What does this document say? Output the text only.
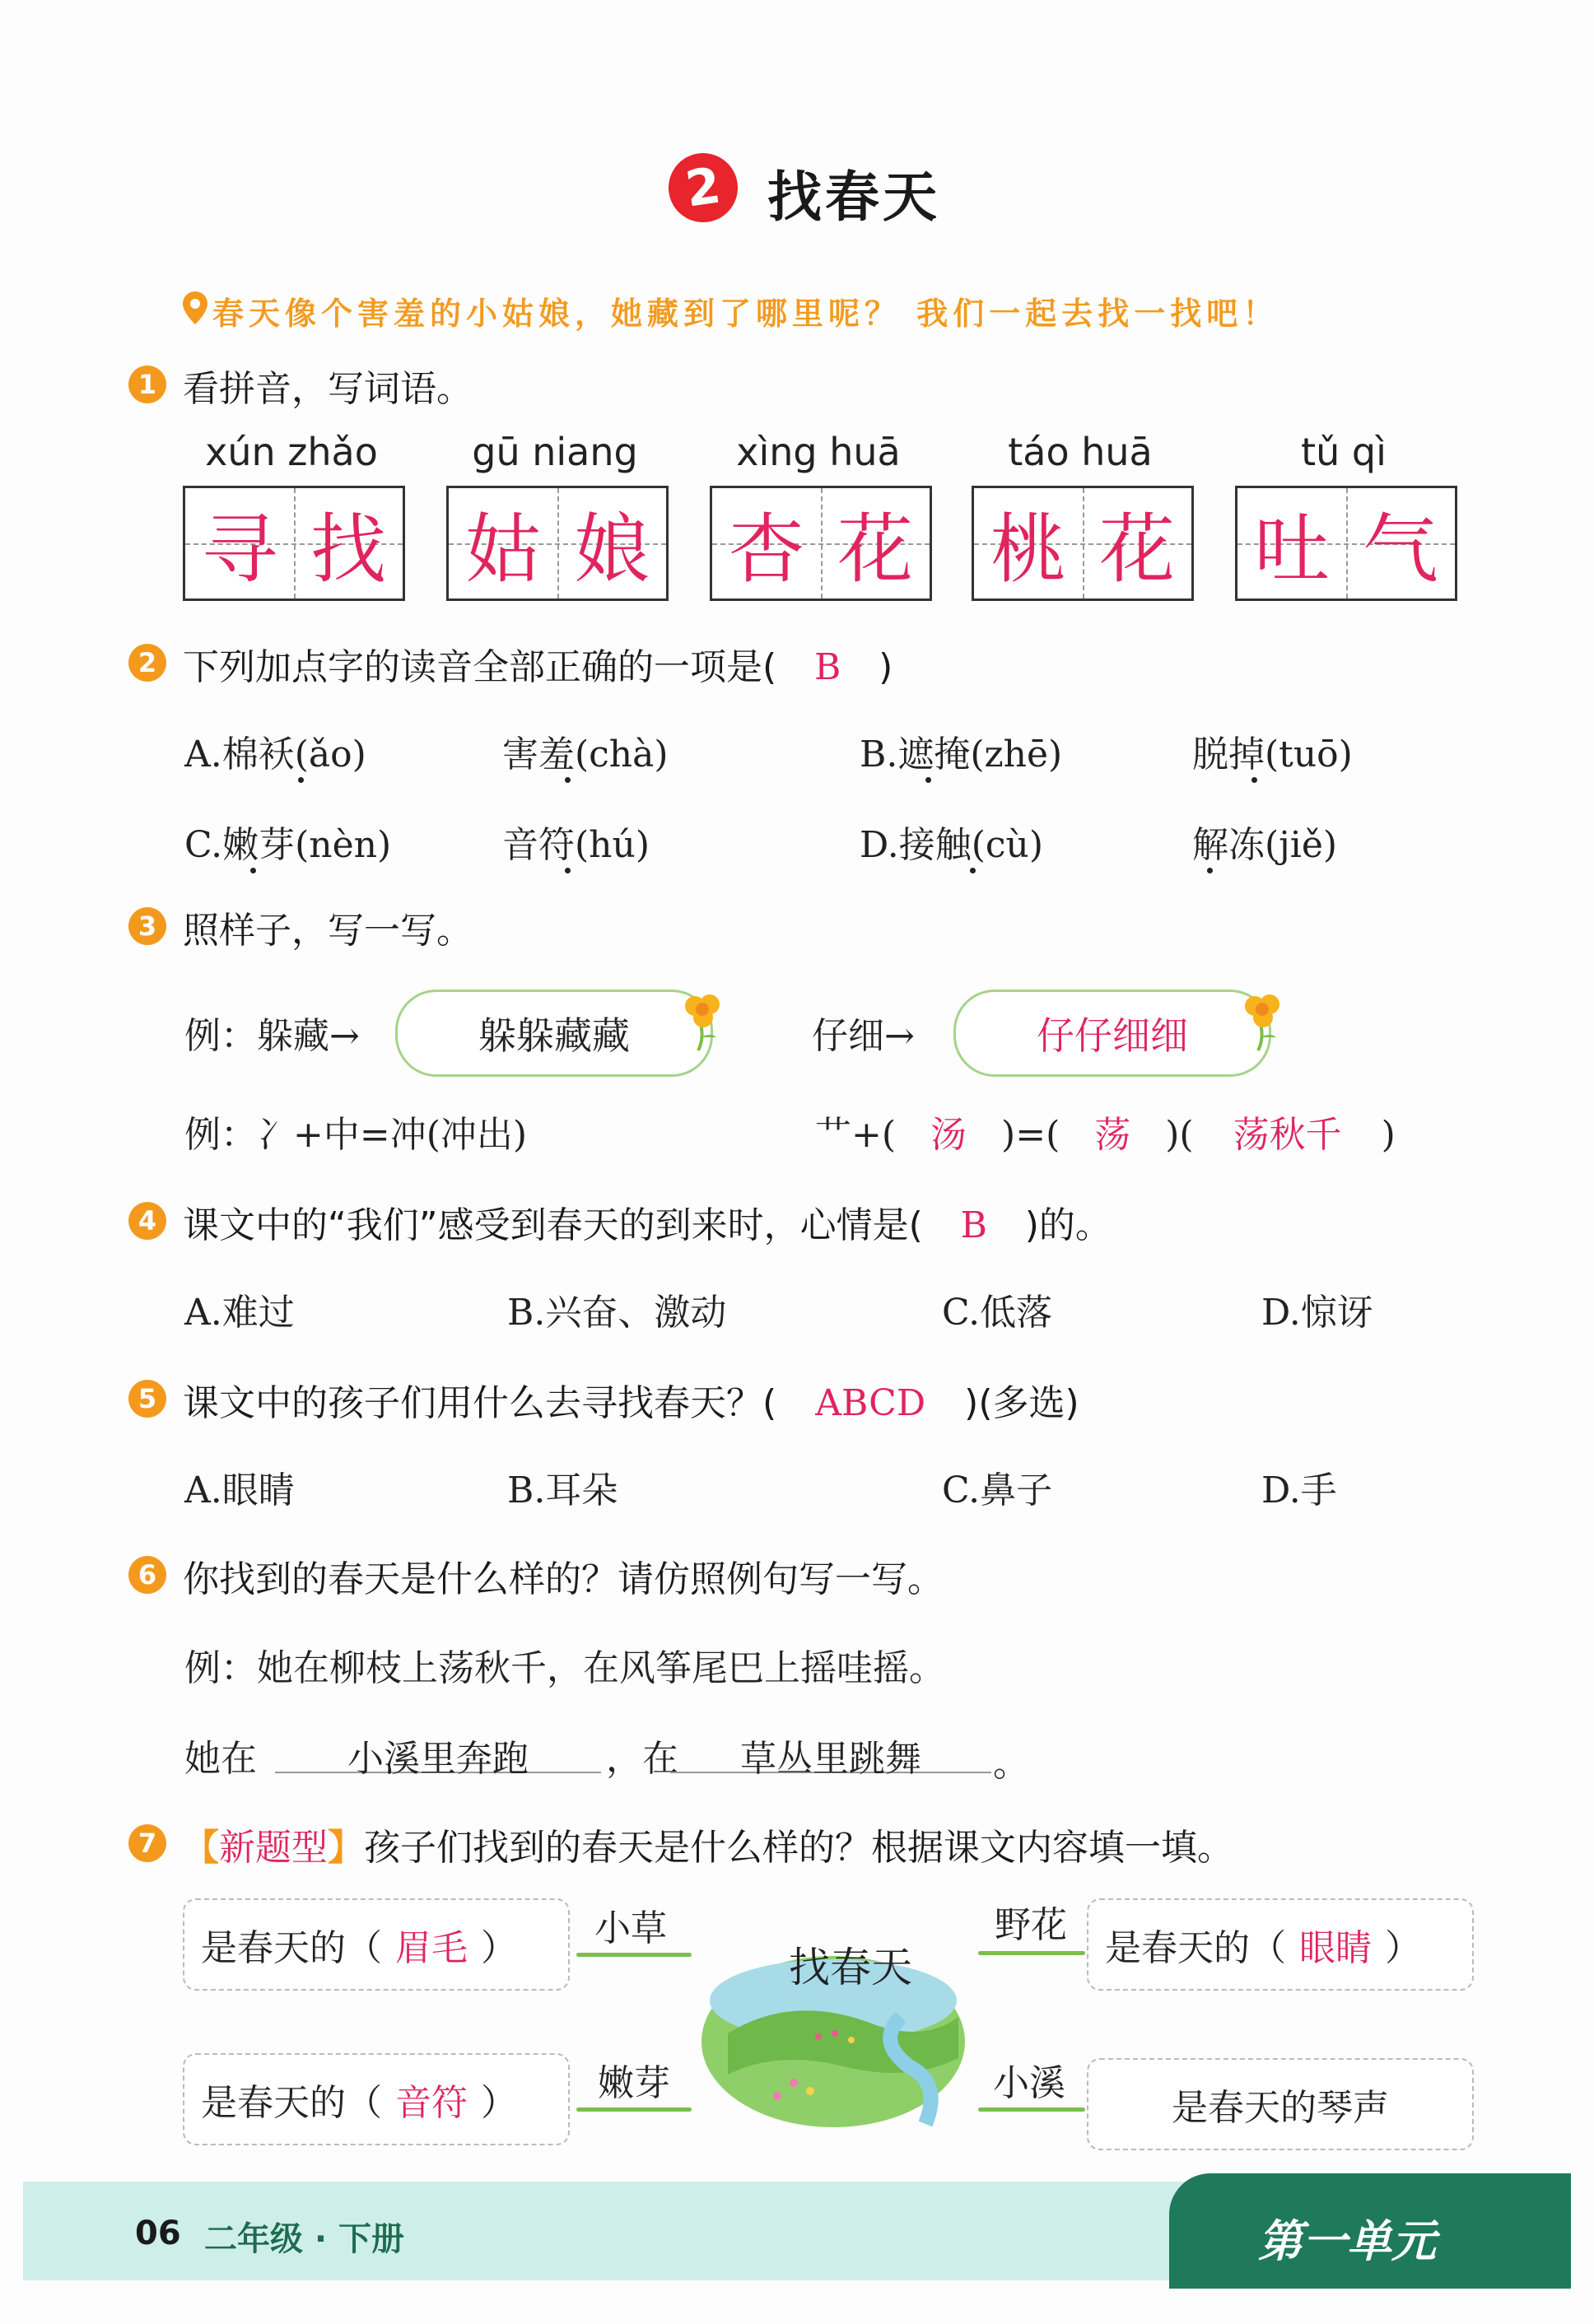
2 找春天
春天像个害羞的小姑娘，她藏到了哪里呢？ 我们一起去找一找吧！
1 看拼音，写词语。
xún zhǎo
寻 找
gū niang
姑 娘
xìng huā
杏 花
táo huā
桃 花
tǔ qì
吐 气
2 下列加点字的读音全部正确的一项是( B )
A.棉袄(ǎo)	害羞(chà)	B.遮掩(zhē)	脱掉(tuō)
C.嫩芽(nèn)	音符(hú)	D.接触(cù)	解冻(jiě)
3 照样子，写一写。
例：躲藏→	躲躲藏藏	仔细→	仔仔细细
例：冫+中=冲(冲出)	艹+( 汤 )=( 荡 )( 荡秋千 )
4 课文中的“我们”感受到春天的到来时，心情是( B )的。
A.难过	B.兴奋、激动	C.低落	D.惊讶
5 课文中的孩子们用什么去寻找春天？( ABCD )(多选)
A.眼睛	B.耳朵	C.鼻子	D.手
6 你找到的春天是什么样的？请仿照例句写一写。
例：她在柳枝上荡秋千，在风筝尾巴上摇哇摇。
她在	小溪里奔跑	，在	草丛里跳舞	。
7 【新题型】孩子们找到的春天是什么样的？根据课文内容填一填。
找春天
是春天的（ 眉毛 ） 小草	野花
是春天的（ 眼睛 ）
是春天的（ 音符 ） 嫩芽	小溪
是春天的琴声
06 二年级 · 下册	第一单元
